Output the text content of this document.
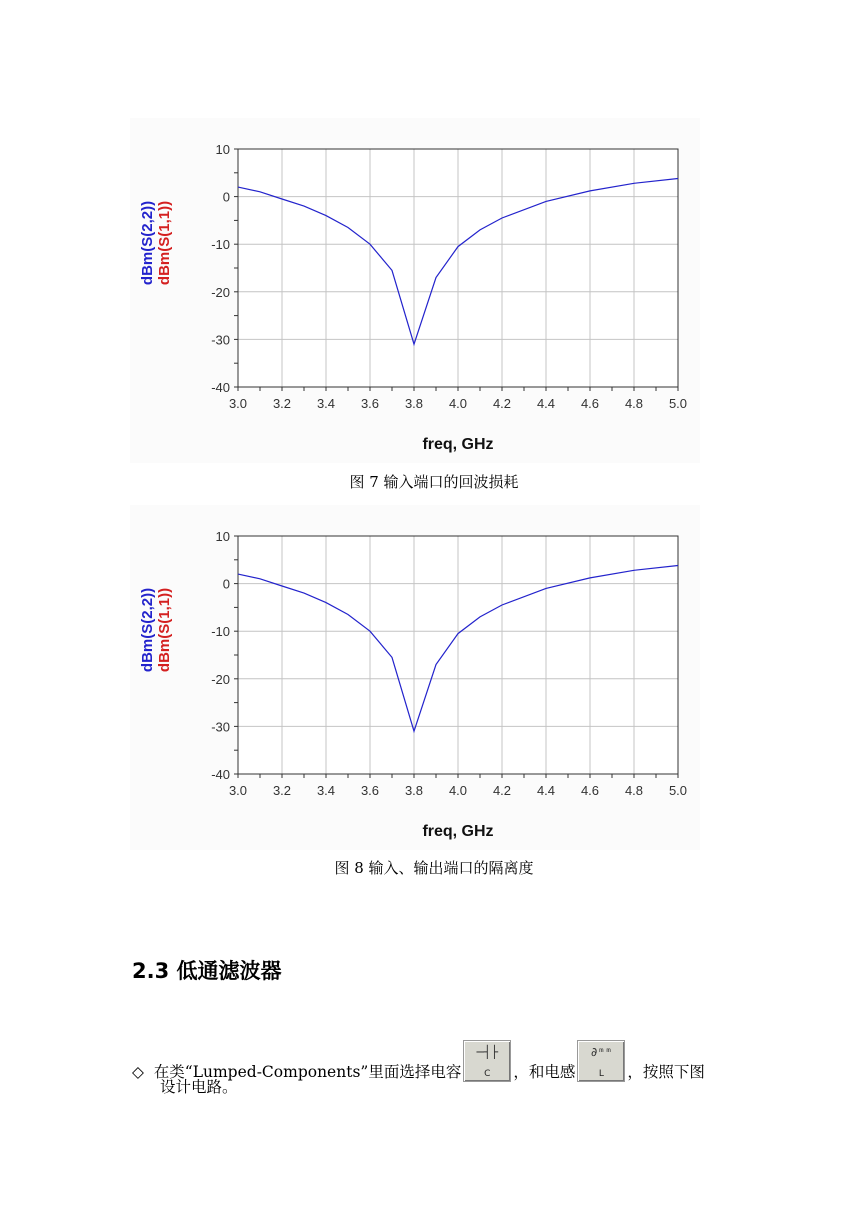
3.0 3.2 3.4 3.6 3.8 4.0 4.2 4.4 4.6 4.8 5.0
10
0
-10
-20
-30
-40
freq, GHz
dBm(S(2,2)) dBm(S(1,1))
图 7 输入端口的回波损耗
3.0 3.2 3.4 3.6 3.8 4.0 4.2 4.4 4.6 4.8 5.0
10
0
-10
-20
-30
-40
freq, GHz
dBm(S(2,2)) dBm(S(1,1))
图 8 输入、输出端口的隔离度
2.3 低通滤波器
◇ 在类“Lumped-Components”里面选择电容
─┤├
C	，和电感
∂ᵐᵐ
L	，按照下图
设计电路。
